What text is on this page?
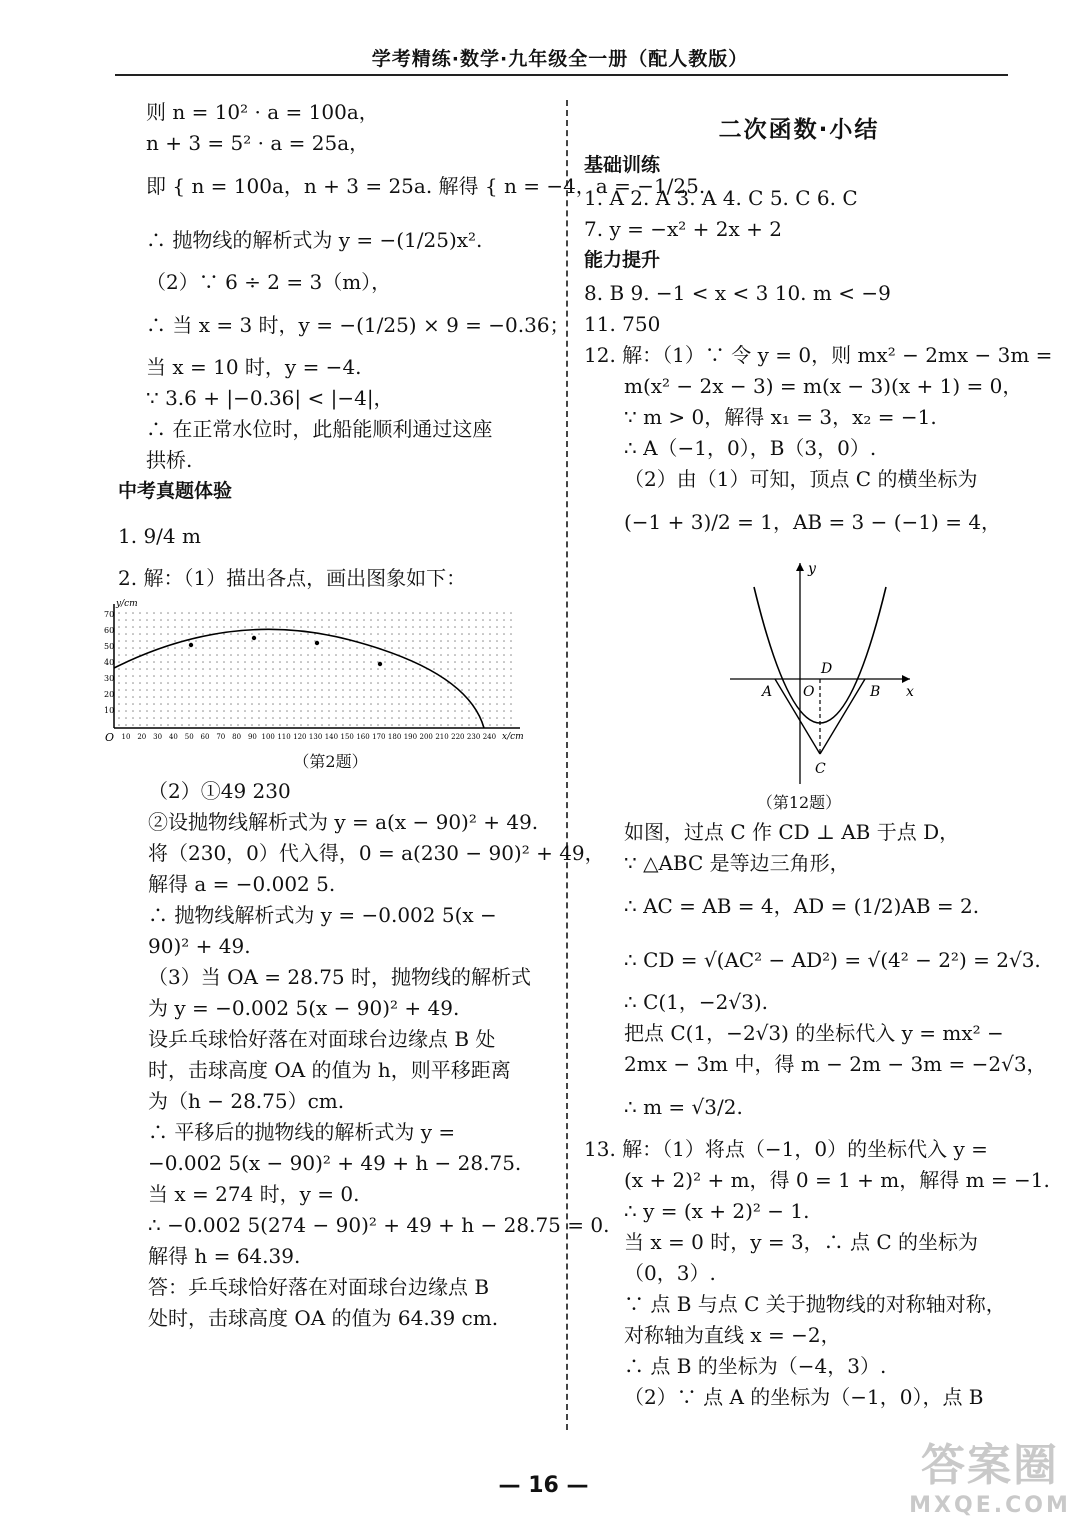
学考精练·数学·九年级全一册（配人教版）
则 n = 10² · a = 100a，
n + 3 = 5² · a = 25a，
即 { n = 100a，n + 3 = 25a. 解得 { n = −4，a = −1/25.
∴ 抛物线的解析式为 y = −(1/25)x².
（2）∵ 6 ÷ 2 = 3（m），
∴ 当 x = 3 时，y = −(1/25) × 9 = −0.36；
当 x = 10 时，y = −4.
∵ 3.6 + |−0.36| < |−4|，
∴ 在正常水位时，此船能顺利通过这座
拱桥.
中考真题体验
1. 9/4 m
2. 解：（1）描出各点，画出图象如下：
y/cm
x/cm
O
10
20
30
40
50
60
70
10 20 30 40 50 60 70 80 90 100 110 120 130 140 150 160 170 180 190 200 210 220 230 240
（第2题）
（2）①49 230
②设抛物线解析式为 y = a(x − 90)² + 49.
将（230，0）代入得，0 = a(230 − 90)² + 49，
解得 a = −0.002 5.
∴ 抛物线解析式为 y = −0.002 5(x −
90)² + 49.
（3）当 OA = 28.75 时，抛物线的解析式
为 y = −0.002 5(x − 90)² + 49.
设乒乓球恰好落在对面球台边缘点 B 处
时，击球高度 OA 的值为 h，则平移距离
为（h − 28.75）cm.
∴ 平移后的抛物线的解析式为 y =
−0.002 5(x − 90)² + 49 + h − 28.75.
当 x = 274 时，y = 0.
∴ −0.002 5(274 − 90)² + 49 + h − 28.75 = 0.
解得 h = 64.39.
答：乒乓球恰好落在对面球台边缘点 B
处时，击球高度 OA 的值为 64.39 cm.
二次函数·小结
基础训练
1. A 2. A 3. A 4. C 5. C 6. C
7. y = −x² + 2x + 2
能力提升
8. B 9. −1 < x < 3 10. m < −9
11. 750
12. 解：（1）∵ 令 y = 0，则 mx² − 2mx − 3m =
m(x² − 2x − 3) = m(x − 3)(x + 1) = 0，
∵ m > 0，解得 x₁ = 3，x₂ = −1.
∴ A（−1，0），B（3，0）.
（2）由（1）可知，顶点 C 的横坐标为
(−1 + 3)/2 = 1，AB = 3 − (−1) = 4，
y
x
A O
D
B
C
（第12题）
如图，过点 C 作 CD ⊥ AB 于点 D，
∵ △ABC 是等边三角形，
∴ AC = AB = 4，AD = (1/2)AB = 2.
∴ CD = √(AC² − AD²) = √(4² − 2²) = 2√3.
∴ C(1，−2√3).
把点 C(1，−2√3) 的坐标代入 y = mx² −
2mx − 3m 中，得 m − 2m − 3m = −2√3，
∴ m = √3/2.
13. 解：（1）将点（−1，0）的坐标代入 y =
(x + 2)² + m，得 0 = 1 + m，解得 m = −1.
∴ y = (x + 2)² − 1.
当 x = 0 时，y = 3，∴ 点 C 的坐标为
（0，3）.
∵ 点 B 与点 C 关于抛物线的对称轴对称，
对称轴为直线 x = −2，
∴ 点 B 的坐标为（−4，3）.
（2）∵ 点 A 的坐标为（−1，0），点 B
— 16 —	答案圈
MXQE.COM
